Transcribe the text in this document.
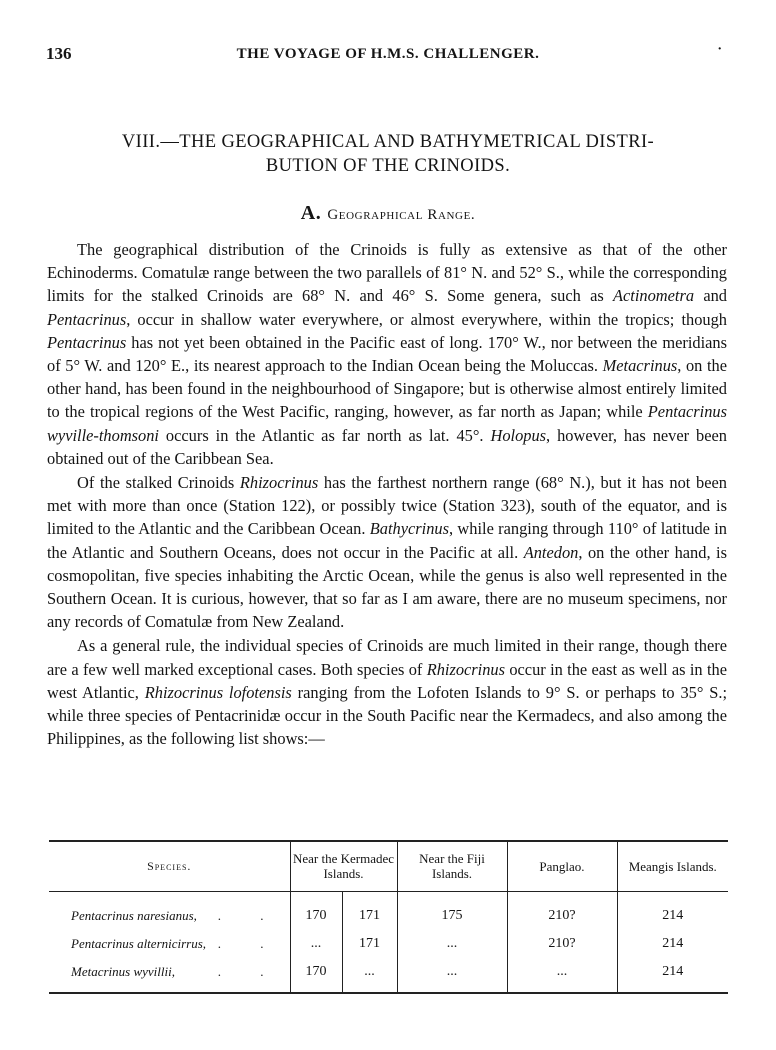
136	THE VOYAGE OF H.M.S. CHALLENGER.	·
VIII.—THE GEOGRAPHICAL AND BATHYMETRICAL DISTRI-
BUTION OF THE CRINOIDS.
A. Geographical Range.

The geographical distribution of the Crinoids is fully as extensive as that of the other Echinoderms. Comatulæ range between the two parallels of 81° N. and 52° S., while the corresponding limits for the stalked Crinoids are 68° N. and 46° S. Some genera, such as Actinometra and Pentacrinus, occur in shallow water everywhere, or almost everywhere, within the tropics; though Pentacrinus has not yet been obtained in the Pacific east of long. 170° W., nor between the meridians of 5° W. and 120° E., its nearest approach to the Indian Ocean being the Moluccas. Metacrinus, on the other hand, has been found in the neighbourhood of Singapore; but is otherwise almost entirely limited to the tropical regions of the West Pacific, ranging, however, as far north as Japan; while Pentacrinus wyville-thomsoni occurs in the Atlantic as far north as lat. 45°. Holopus, however, has never been obtained out of the Caribbean Sea.

Of the stalked Crinoids Rhizocrinus has the farthest northern range (68° N.), but it has not been met with more than once (Station 122), or possibly twice (Station 323), south of the equator, and is limited to the Atlantic and the Caribbean Ocean. Bathycrinus, while ranging through 110° of latitude in the Atlantic and Southern Oceans, does not occur in the Pacific at all. Antedon, on the other hand, is cosmopolitan, five species inhabiting the Arctic Ocean, while the genus is also well represented in the Southern Ocean. It is curious, however, that so far as I am aware, there are no museum specimens, nor any records of Comatulæ from New Zealand.

As a general rule, the individual species of Crinoids are much limited in their range, though there are a few well marked exceptional cases. Both species of Rhizocrinus occur in the east as well as in the west Atlantic, Rhizocrinus lofotensis ranging from the Lofoten Islands to 9° S. or perhaps to 35° S.; while three species of Pentacrinidæ occur in the South Pacific near the Kermadecs, and also among the Philippines, as the following list shows:—

Species.	Near the Kermadec Islands.		Near the Fiji Islands.	Panglao.	Meangis Islands.
Pentacrinus naresianus, . .	170	171	175	210?	214
Pentacrinus alternicirrus, . .	...	171	...	210?	214
Metacrinus wyvillii, . .	170	...	...	...	214
